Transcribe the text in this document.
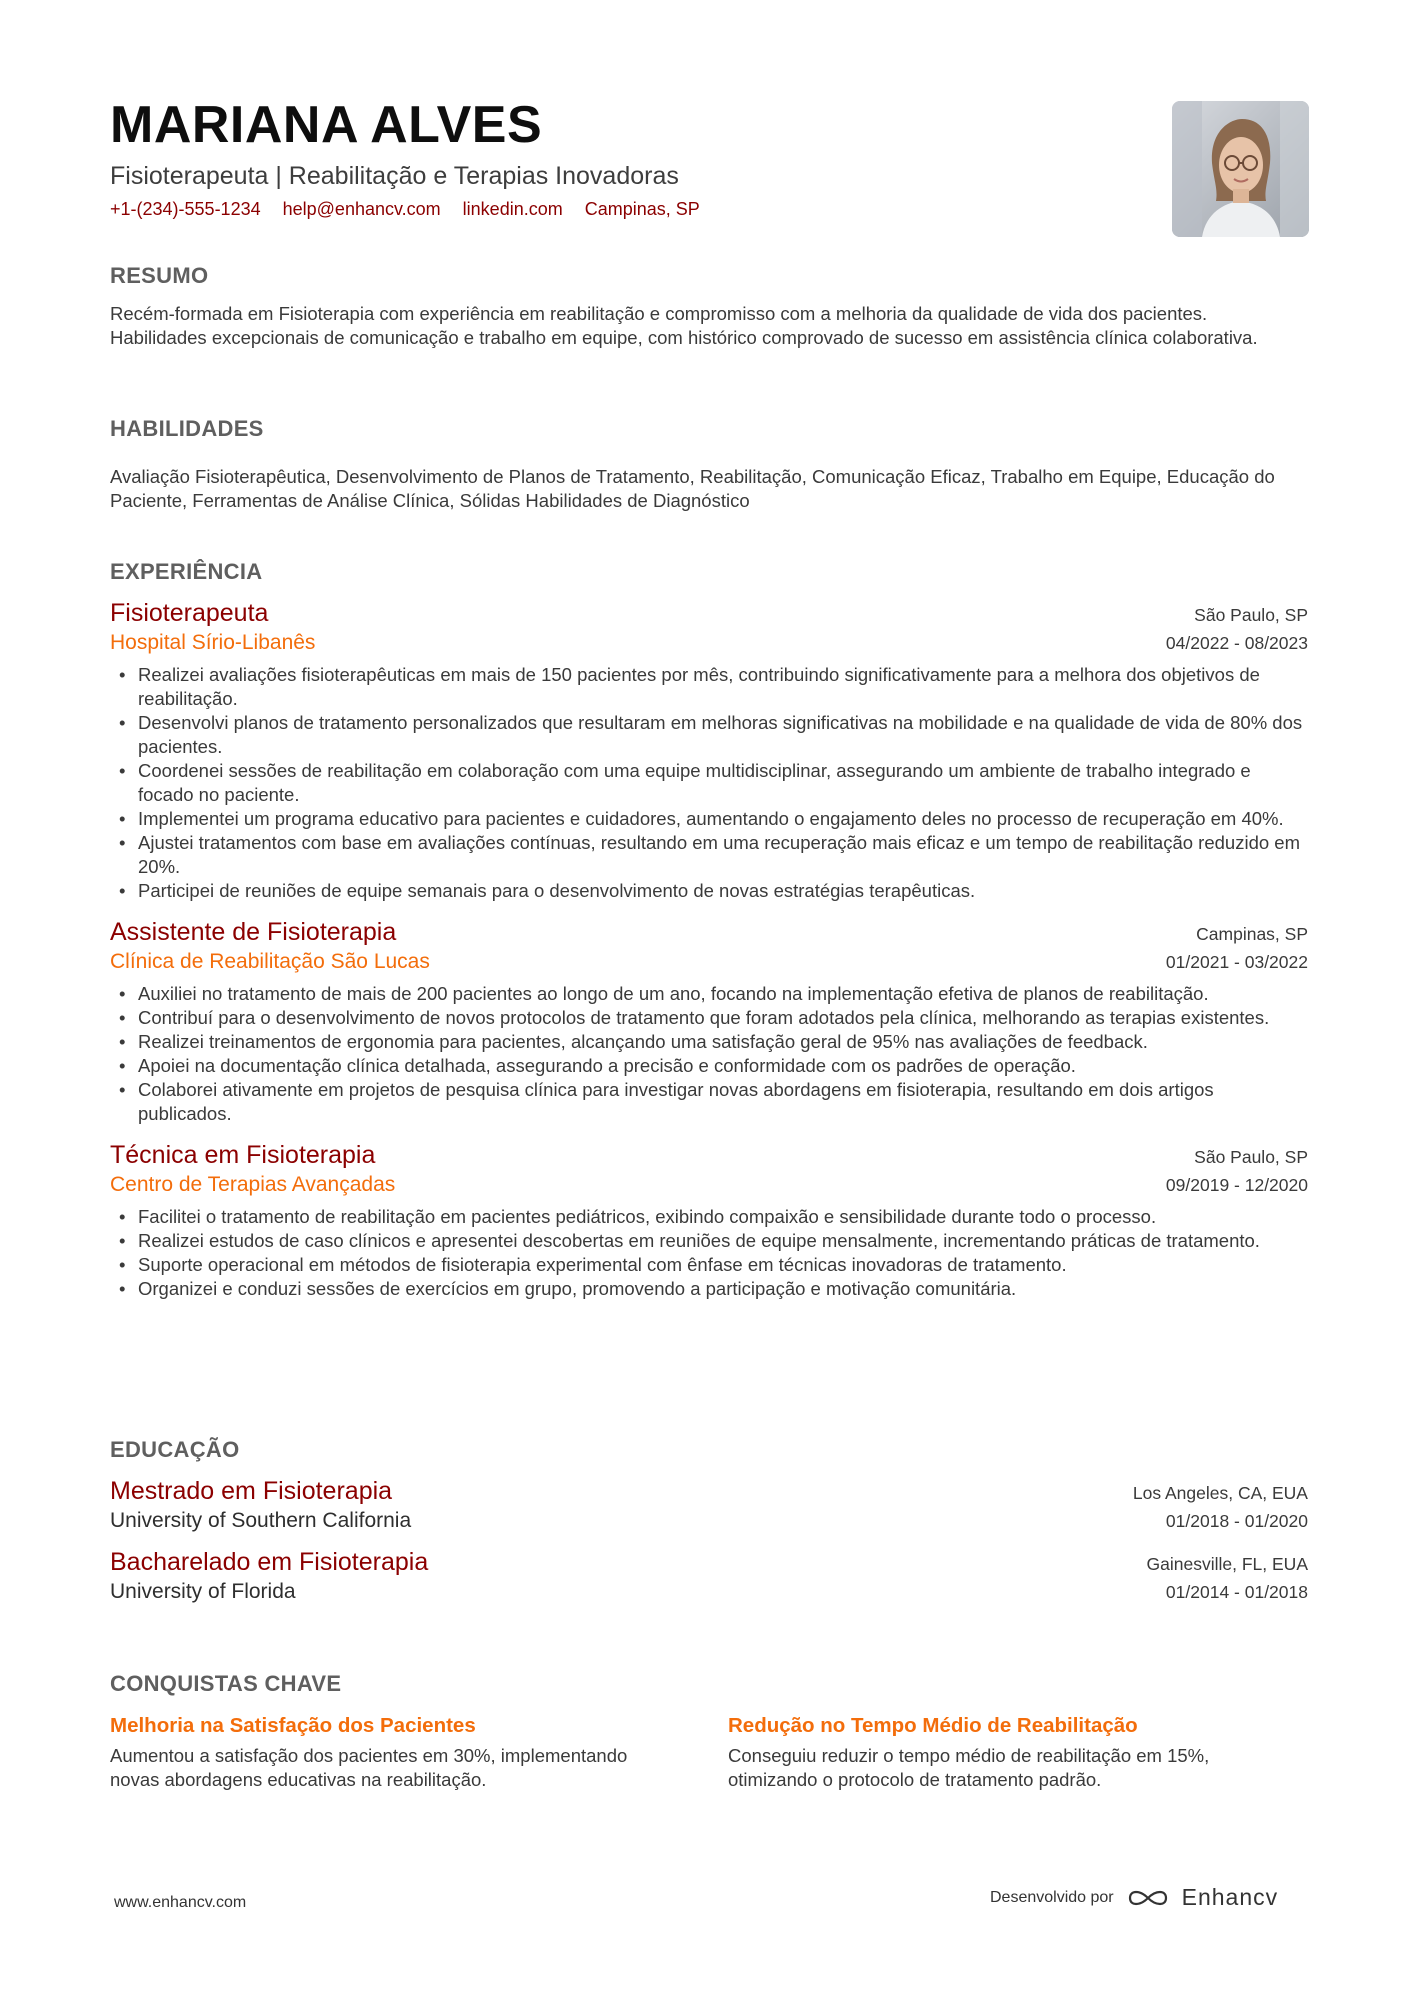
MARIANA ALVES
Fisioterapeuta | Reabilitação e Terapias Inovadoras
+1-(234)-555-1234 help@enhancv.com linkedin.com Campinas, SP
RESUMO
Recém-formada em Fisioterapia com experiência em reabilitação e compromisso com a melhoria da qualidade de vida dos pacientes. Habilidades excepcionais de comunicação e trabalho em equipe, com histórico comprovado de sucesso em assistência clínica colaborativa.
HABILIDADES
Avaliação Fisioterapêutica, Desenvolvimento de Planos de Tratamento, Reabilitação, Comunicação Eficaz, Trabalho em Equipe, Educação do Paciente, Ferramentas de Análise Clínica, Sólidas Habilidades de Diagnóstico
EXPERIÊNCIA
Fisioterapeuta	São Paulo, SP
Hospital Sírio-Libanês	04/2022 - 08/2023
• Realizei avaliações fisioterapêuticas em mais de 150 pacientes por mês, contribuindo significativamente para a melhora dos objetivos de reabilitação.
• Desenvolvi planos de tratamento personalizados que resultaram em melhoras significativas na mobilidade e na qualidade de vida de 80% dos pacientes.
• Coordenei sessões de reabilitação em colaboração com uma equipe multidisciplinar, assegurando um ambiente de trabalho integrado e focado no paciente.
• Implementei um programa educativo para pacientes e cuidadores, aumentando o engajamento deles no processo de recuperação em 40%.
• Ajustei tratamentos com base em avaliações contínuas, resultando em uma recuperação mais eficaz e um tempo de reabilitação reduzido em 20%.
• Participei de reuniões de equipe semanais para o desenvolvimento de novas estratégias terapêuticas.
Assistente de Fisioterapia	Campinas, SP
Clínica de Reabilitação São Lucas	01/2021 - 03/2022
• Auxiliei no tratamento de mais de 200 pacientes ao longo de um ano, focando na implementação efetiva de planos de reabilitação.
• Contribuí para o desenvolvimento de novos protocolos de tratamento que foram adotados pela clínica, melhorando as terapias existentes.
• Realizei treinamentos de ergonomia para pacientes, alcançando uma satisfação geral de 95% nas avaliações de feedback.
• Apoiei na documentação clínica detalhada, assegurando a precisão e conformidade com os padrões de operação.
• Colaborei ativamente em projetos de pesquisa clínica para investigar novas abordagens em fisioterapia, resultando em dois artigos publicados.
Técnica em Fisioterapia	São Paulo, SP
Centro de Terapias Avançadas	09/2019 - 12/2020
• Facilitei o tratamento de reabilitação em pacientes pediátricos, exibindo compaixão e sensibilidade durante todo o processo.
• Realizei estudos de caso clínicos e apresentei descobertas em reuniões de equipe mensalmente, incrementando práticas de tratamento.
• Suporte operacional em métodos de fisioterapia experimental com ênfase em técnicas inovadoras de tratamento.
• Organizei e conduzi sessões de exercícios em grupo, promovendo a participação e motivação comunitária.
EDUCAÇÃO
Mestrado em Fisioterapia	Los Angeles, CA, EUA
University of Southern California	01/2018 - 01/2020
Bacharelado em Fisioterapia	Gainesville, FL, EUA
University of Florida	01/2014 - 01/2018
CONQUISTAS CHAVE
Melhoria na Satisfação dos Pacientes
Aumentou a satisfação dos pacientes em 30%, implementando novas abordagens educativas na reabilitação.
Redução no Tempo Médio de Reabilitação
Conseguiu reduzir o tempo médio de reabilitação em 15%, otimizando o protocolo de tratamento padrão.
www.enhancv.com	Desenvolvido por	Enhancv
